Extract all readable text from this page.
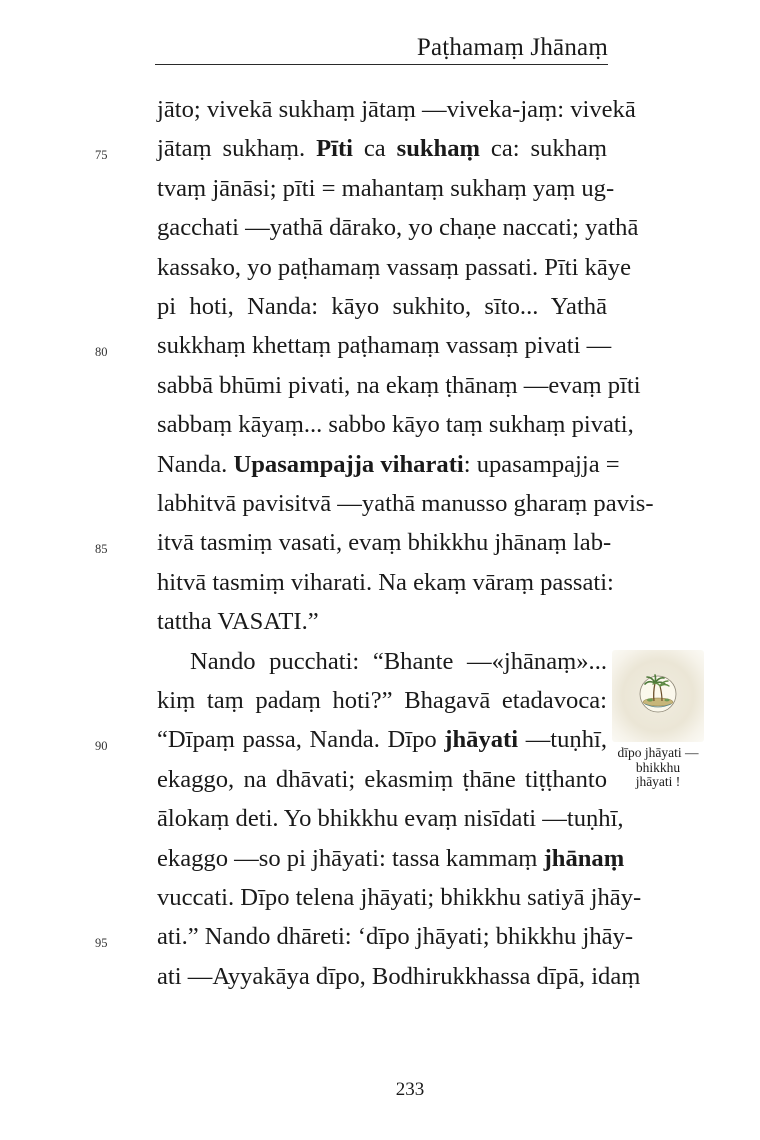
Paṭhamaṃ Jhānaṃ
jāto; vivekā sukhaṃ jātaṃ —viveka-jaṃ: vivekā
jātaṃ sukhaṃ. Pīti ca sukhaṃ ca: sukhaṃ
tvaṃ jānāsi; pīti = mahantaṃ sukhaṃ yaṃ ug-
gacchati —yathā dārako, yo chaṇe naccati; yathā
kassako, yo paṭhamaṃ vassaṃ passati. Pīti kāye
pi hoti, Nanda: kāyo sukhito, sīto... Yathā
sukkhaṃ khettaṃ paṭhamaṃ vassaṃ pivati —
sabbā bhūmi pivati, na ekaṃ ṭhānaṃ —evaṃ pīti
sabbaṃ kāyaṃ... sabbo kāyo taṃ sukhaṃ pivati,
Nanda. Upasampajja viharati: upasampajja =
labhitvā pavisitvā —yathā manusso gharaṃ pavis-
itvā tasmiṃ vasati, evaṃ bhikkhu jhānaṃ lab-
hitvā tasmiṃ viharati. Na ekaṃ vāraṃ passati:
tattha VASATI.”
Nando pucchati: “Bhante —«jhānaṃ»...
kiṃ taṃ padaṃ hoti?” Bhagavā etadavoca:
“Dīpaṃ passa, Nanda. Dīpo jhāyati —tuṇhī,
ekaggo, na dhāvati; ekasmiṃ ṭhāne tiṭṭhanto
ālokaṃ deti. Yo bhikkhu evaṃ nisīdati —tuṇhī,
ekaggo —so pi jhāyati: tassa kammaṃ jhānaṃ
vuccati. Dīpo telena jhāyati; bhikkhu satiyā jhāy-
ati.” Nando dhāreti: ‘dīpo jhāyati; bhikkhu jhāy-
ati —Ayyakāya dīpo, Bodhirukkhassa dīpā, idaṃ
75
80
85
90
95
dīpo jhāyati —
bhikkhu
jhāyati !
233
